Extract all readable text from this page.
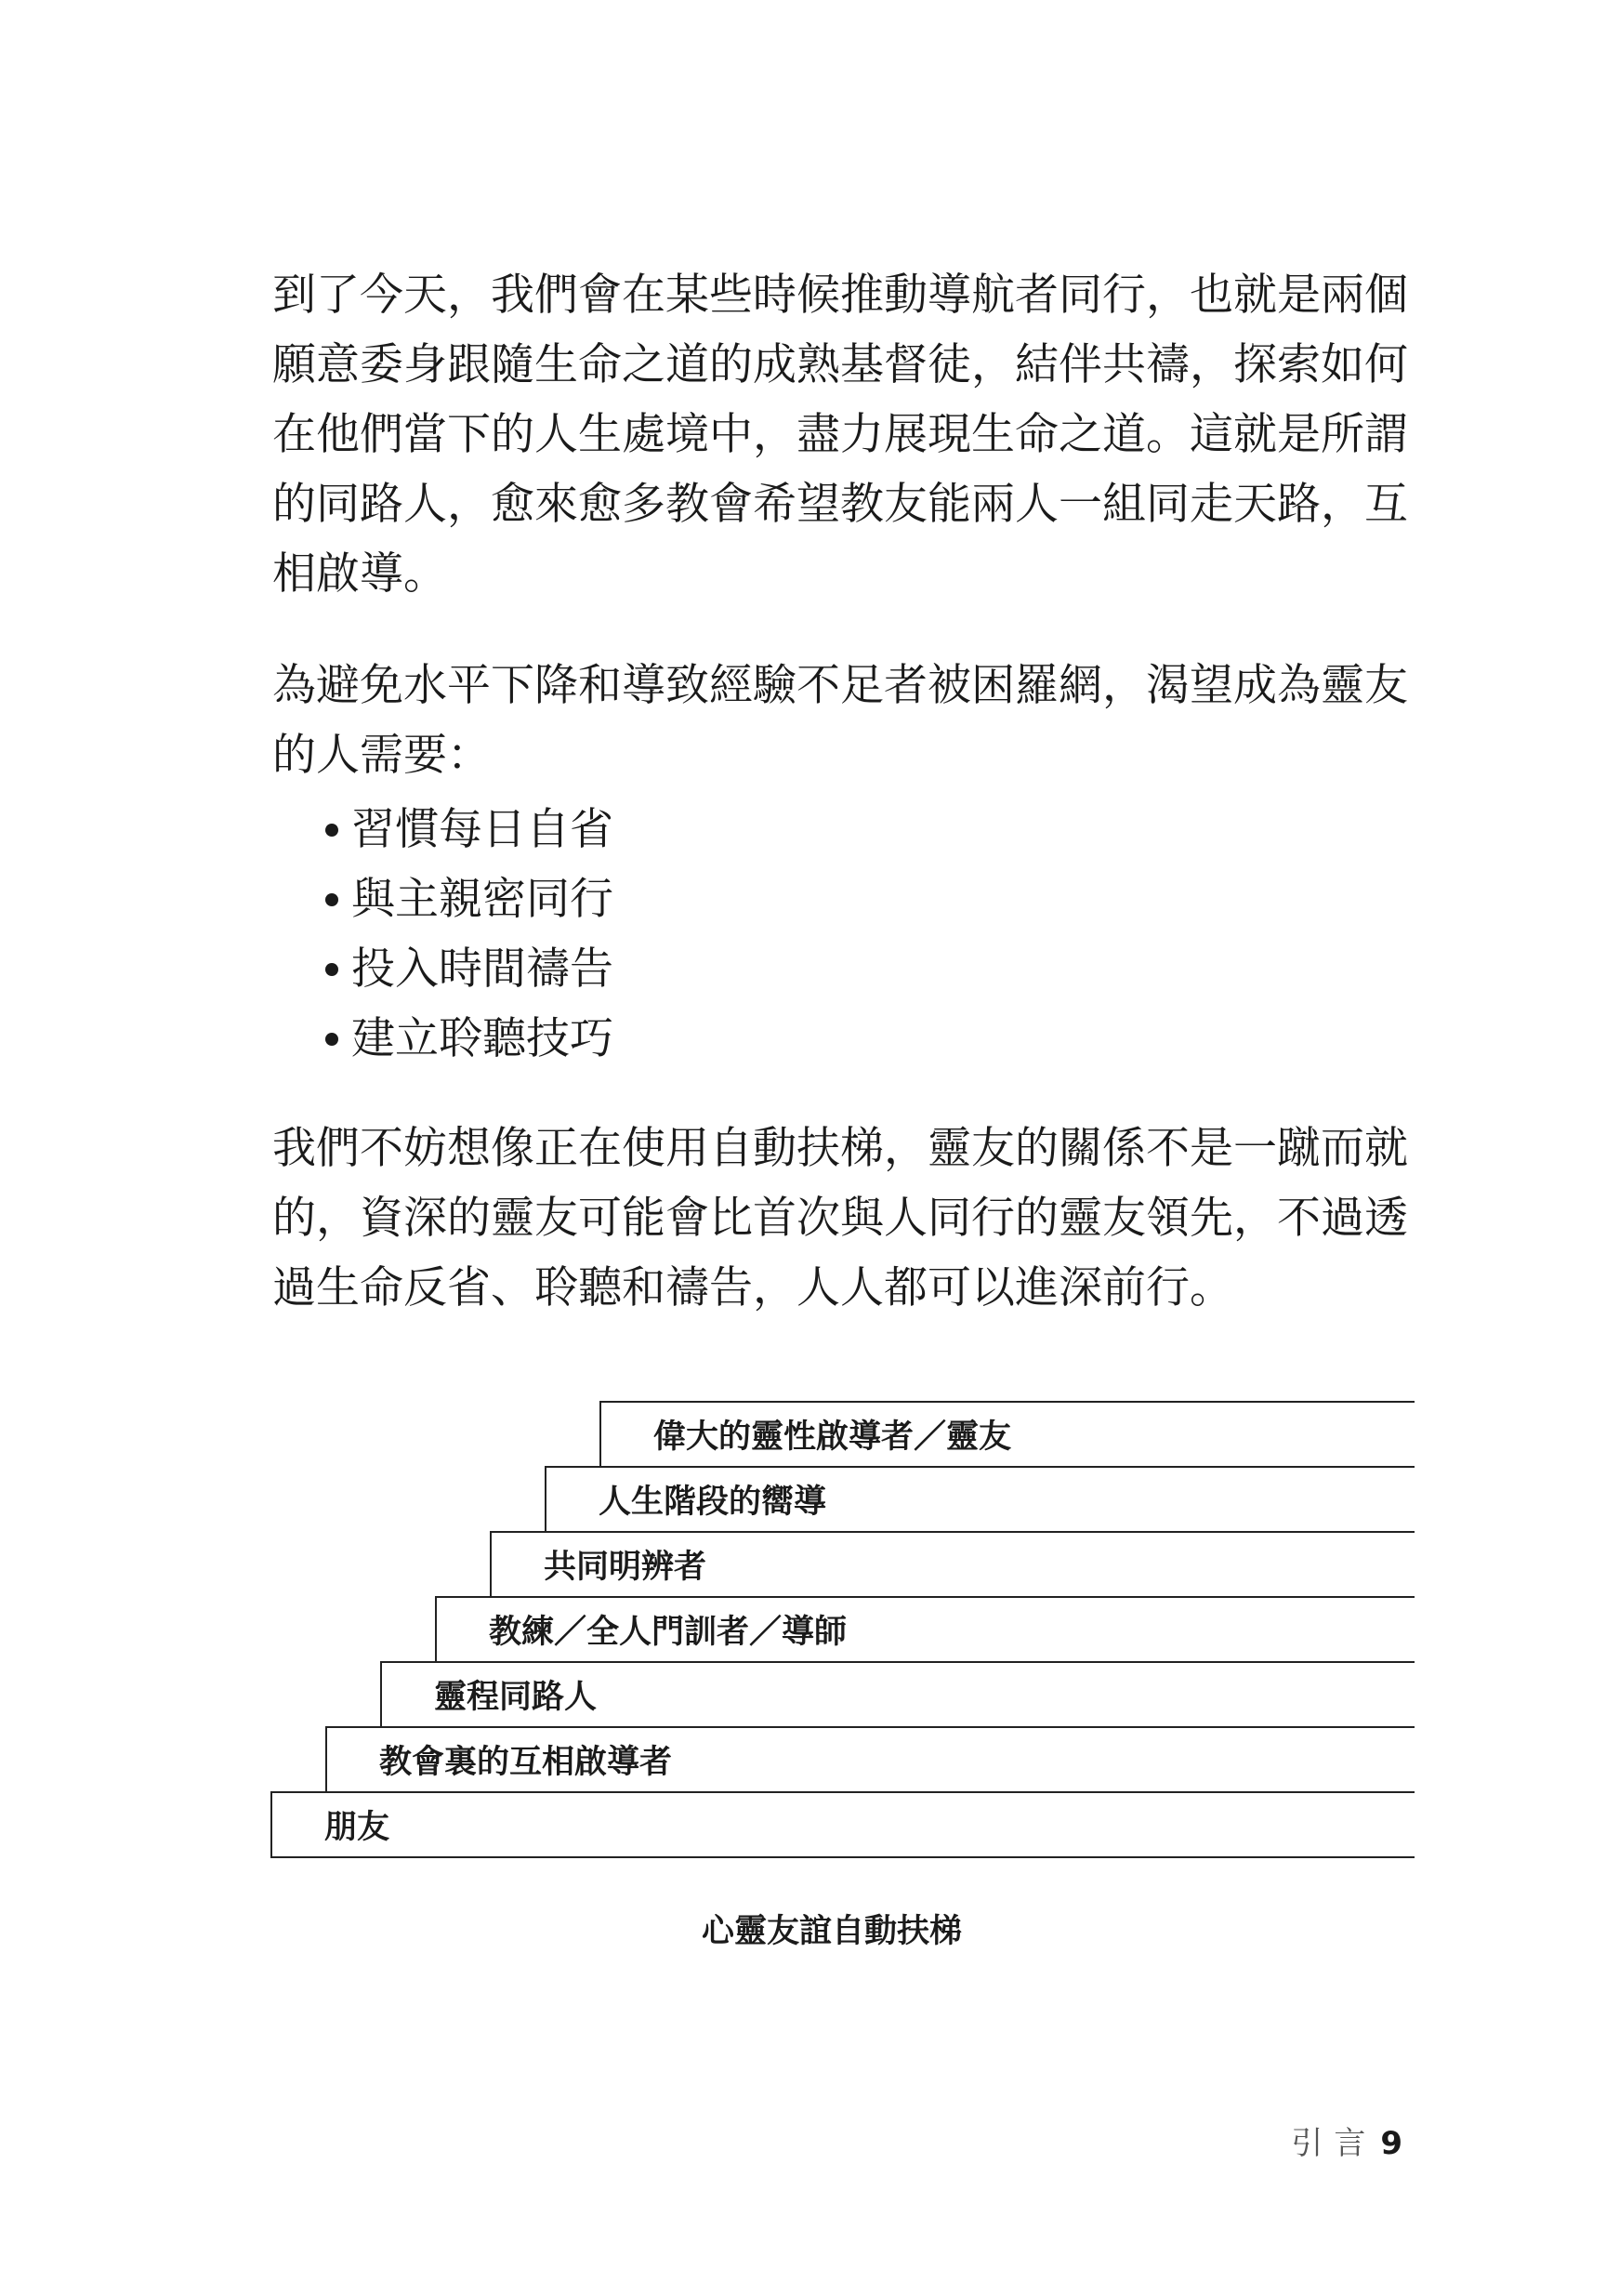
到了今天，我們會在某些時候推動導航者同行，也就是兩個願意委身跟隨生命之道的成熟基督徒，結伴共禱，探索如何在他們當下的人生處境中，盡力展現生命之道。這就是所謂的同路人，愈來愈多教會希望教友能兩人一組同走天路，互相啟導。

為避免水平下降和導致經驗不足者被困羅網，渴望成為靈友的人需要：

習慣每日自省
與主親密同行
投入時間禱告
建立聆聽技巧

我們不妨想像正在使用自動扶梯，靈友的關係不是一蹴而就的，資深的靈友可能會比首次與人同行的靈友領先，不過透過生命反省、聆聽和禱告，人人都可以進深前行。

偉大的靈性啟導者／靈友
人生階段的嚮導
共同明辨者
教練／全人門訓者／導師
靈程同路人
教會裏的互相啟導者
朋友
心靈友誼自動扶梯
引言 9
